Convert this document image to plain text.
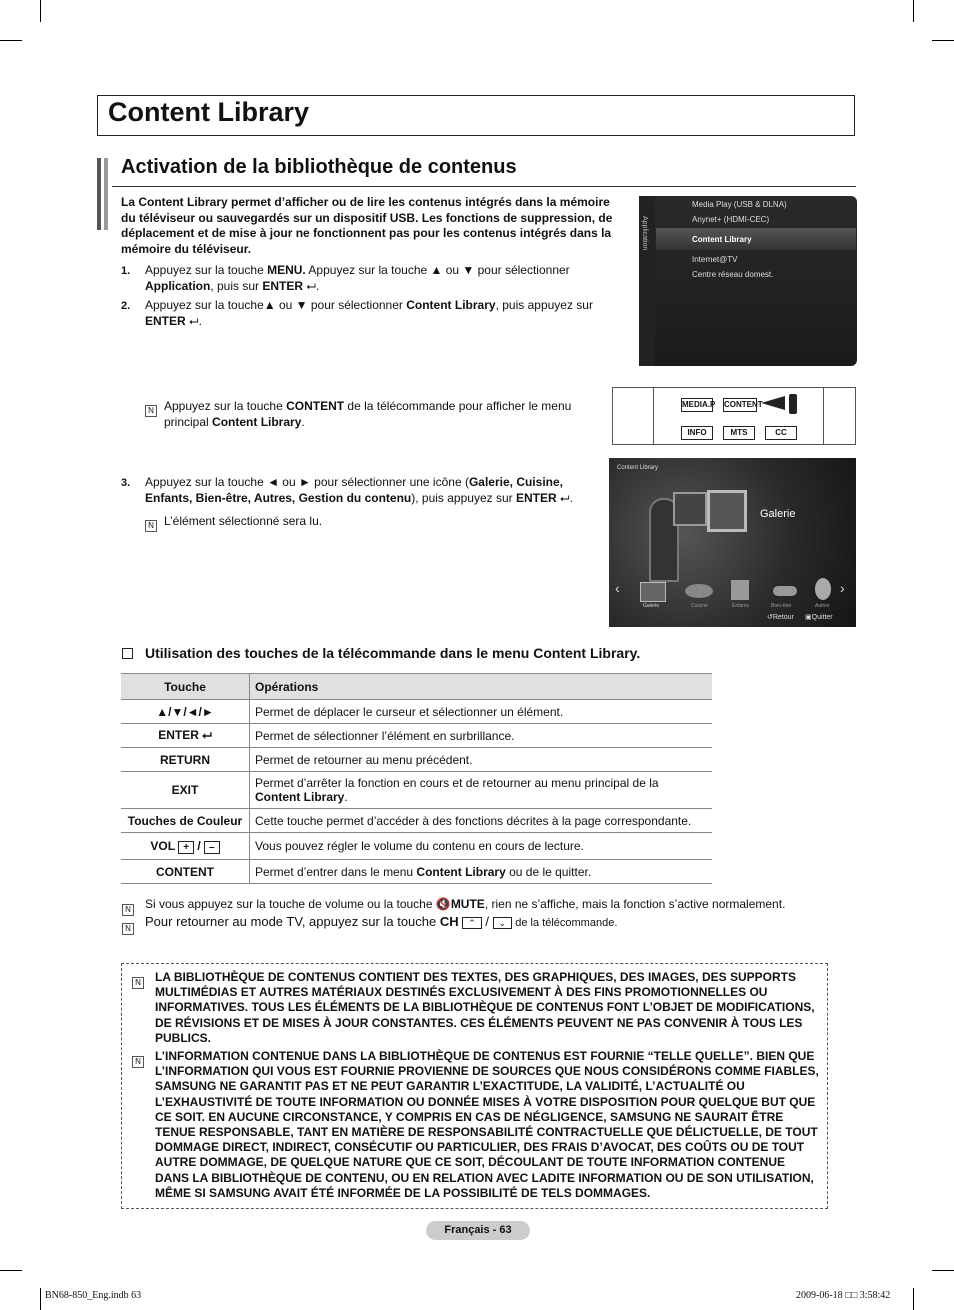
Content Library
Activation de la bibliothèque de contenus
La Content Library permet d’afficher ou de lire les contenus intégrés dans la mémoire du téléviseur ou sauvegardés sur un dispositif USB. Les fonctions de suppression, de déplacement et de mise à jour ne fonctionnent pas pour les contenus intégrés dans la mémoire du téléviseur.
1. Appuyez sur la touche MENU. Appuyez sur la touche ▲ ou ▼ pour sélectionner Application, puis sur ENTER ⮠.
2. Appuyez sur la touche▲ ou ▼ pour sélectionner Content Library, puis appuyez sur ENTER ⮠.
Application
Media Play (USB & DLNA)
Anynet+ (HDMI-CEC)
Content Library
Internet@TV
Centre réseau domest.
N Appuyez sur la touche CONTENT de la télécommande pour afficher le menu principal Content Library.
MEDIA.P CONTENT
INFO	MTS	CC
3. Appuyez sur la touche ◄ ou ► pour sélectionner une icône (Galerie, Cuisine, Enfants, Bien-être, Autres, Gestion du contenu), puis appuyez sur ENTER ⮠.
N L’élément sélectionné sera lu.
Content Library
Galerie
‹	›
Galerie	Cuisine	Enfants	Bien-être	Autres
↺Retour ▣Quitter
Utilisation des touches de la télécommande dans le menu Content Library.
Touche	Opérations
▲/▼/◄/►	Permet de déplacer le curseur et sélectionner un élément.
ENTER ⮠	Permet de sélectionner l’élément en surbrillance.
RETURN	Permet de retourner au menu précédent.
EXIT	Permet d’arrêter la fonction en cours et de retourner au menu principal de la Content Library.
Touches de Couleur	Cette touche permet d’accéder à des fonctions décrites à la page correspondante.
VOL + / –	Vous pouvez régler le volume du contenu en cours de lecture.
CONTENT	Permet d’entrer dans le menu Content Library ou de le quitter.
N Si vous appuyez sur la touche de volume ou la touche 🔇MUTE, rien ne s’affiche, mais la fonction s’active normalement.
N Pour retourner au mode TV, appuyez sur la touche CH ⌃ / ⌄ de la télécommande.
N LA BIBLIOTHÈQUE DE CONTENUS CONTIENT DES TEXTES, DES GRAPHIQUES, DES IMAGES, DES SUPPORTS MULTIMÉDIAS ET AUTRES MATÉRIAUX DESTINÉS EXCLUSIVEMENT À DES FINS PROMOTIONNELLES OU INFORMATIVES. TOUS LES ÉLÉMENTS DE LA BIBLIOTHÈQUE DE CONTENUS FONT L’OBJET DE MODIFICATIONS, DE RÉVISIONS ET DE MISES À JOUR CONSTANTES. CES ÉLÉMENTS PEUVENT NE PAS CONVENIR À TOUS LES PUBLICS.
N L’INFORMATION CONTENUE DANS LA BIBLIOTHÈQUE DE CONTENUS EST FOURNIE “TELLE QUELLE”. BIEN QUE L’INFORMATION QUI VOUS EST FOURNIE PROVIENNE DE SOURCES QUE NOUS CONSIDÉRONS COMME FIABLES, SAMSUNG NE GARANTIT PAS ET NE PEUT GARANTIR L’EXACTITUDE, LA VALIDITÉ, L’ACTUALITÉ OU L’EXHAUSTIVITÉ DE TOUTE INFORMATION OU DONNÉE MISES À VOTRE DISPOSITION POUR QUELQUE BUT QUE CE SOIT. EN AUCUNE CIRCONSTANCE, Y COMPRIS EN CAS DE NÉGLIGENCE, SAMSUNG NE SAURAIT ÊTRE TENUE RESPONSABLE, TANT EN MATIÈRE DE RESPONSABILITÉ CONTRACTUELLE QUE DÉLICTUELLE, DE TOUT DOMMAGE DIRECT, INDIRECT, CONSÉCUTIF OU PARTICULIER, DES FRAIS D’AVOCAT, DES COÛTS OU DE TOUT AUTRE DOMMAGE, DE QUELQUE NATURE QUE CE SOIT, DÉCOULANT DE TOUTE INFORMATION CONTENUE DANS LA BIBLIOTHÈQUE DE CONTENU, OU EN RELATION AVEC LADITE INFORMATION OU DE SON UTILISATION, MÊME SI SAMSUNG AVAIT ÉTÉ INFORMÉE DE LA POSSIBILITÉ DE TELS DOMMAGES.
Français - 63
BN68-850_Eng.indb 63	2009-06-18 □□ 3:58:42
